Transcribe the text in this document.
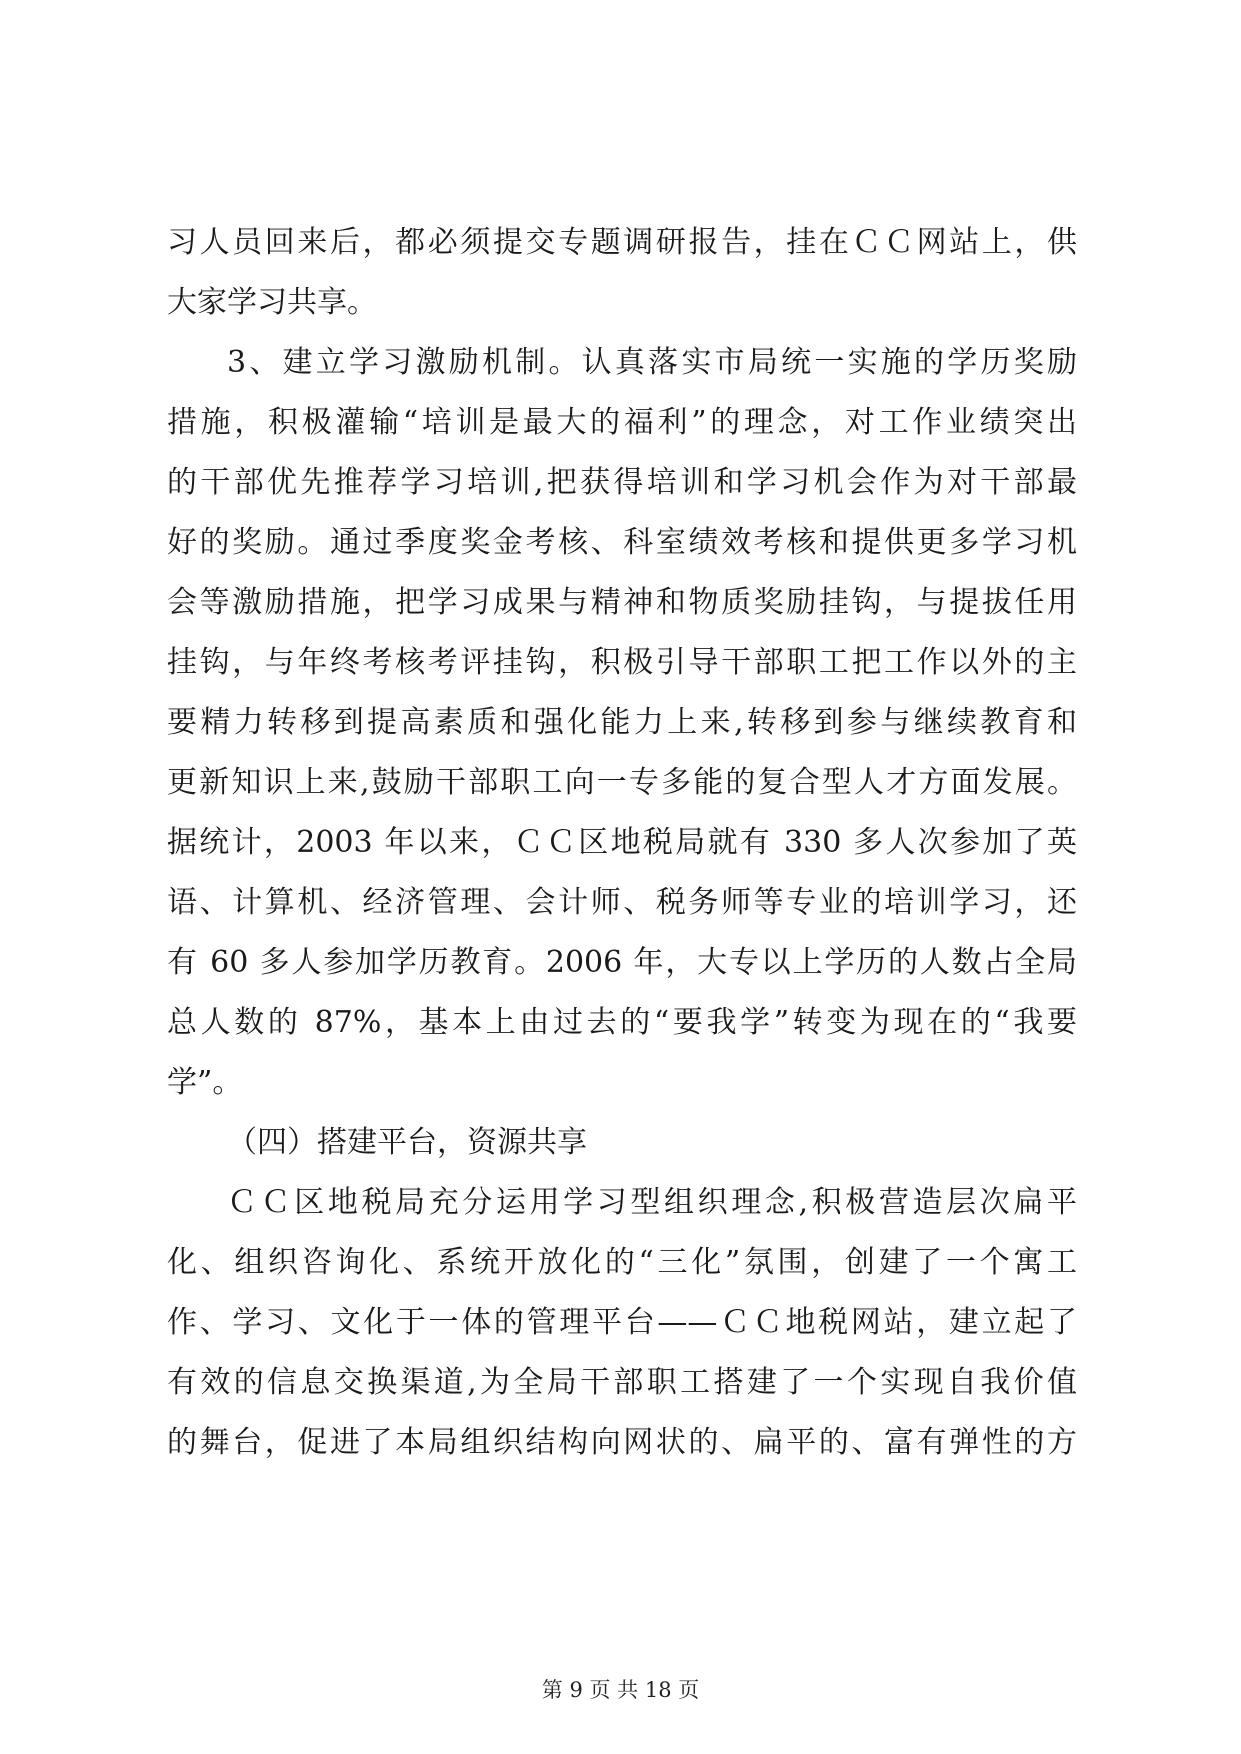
习人员回来后，都必须提交专题调研报告，挂在ＣＣ网站上，供
大家学习共享。
3、建立学习激励机制。认真落实市局统一实施的学历奖励
措施，积极灌输“培训是最大的福利”的理念，对工作业绩突出
的干部优先推荐学习培训,把获得培训和学习机会作为对干部最
好的奖励。通过季度奖金考核、科室绩效考核和提供更多学习机
会等激励措施，把学习成果与精神和物质奖励挂钩，与提拔任用
挂钩，与年终考核考评挂钩，积极引导干部职工把工作以外的主
要精力转移到提高素质和强化能力上来,转移到参与继续教育和
更新知识上来,鼓励干部职工向一专多能的复合型人才方面发展。
据统计，2003 年以来，ＣＣ区地税局就有 330 多人次参加了英
语、计算机、经济管理、会计师、税务师等专业的培训学习，还
有 60 多人参加学历教育。2006 年，大专以上学历的人数占全局
总人数的 87%，基本上由过去的“要我学”转变为现在的“我要
学”。
（四）搭建平台，资源共享
ＣＣ区地税局充分运用学习型组织理念,积极营造层次扁平
化、组织咨询化、系统开放化的“三化”氛围，创建了一个寓工
作、学习、文化于一体的管理平台——ＣＣ地税网站，建立起了
有效的信息交换渠道,为全局干部职工搭建了一个实现自我价值
的舞台，促进了本局组织结构向网状的、扁平的、富有弹性的方
第 9 页 共 18 页
